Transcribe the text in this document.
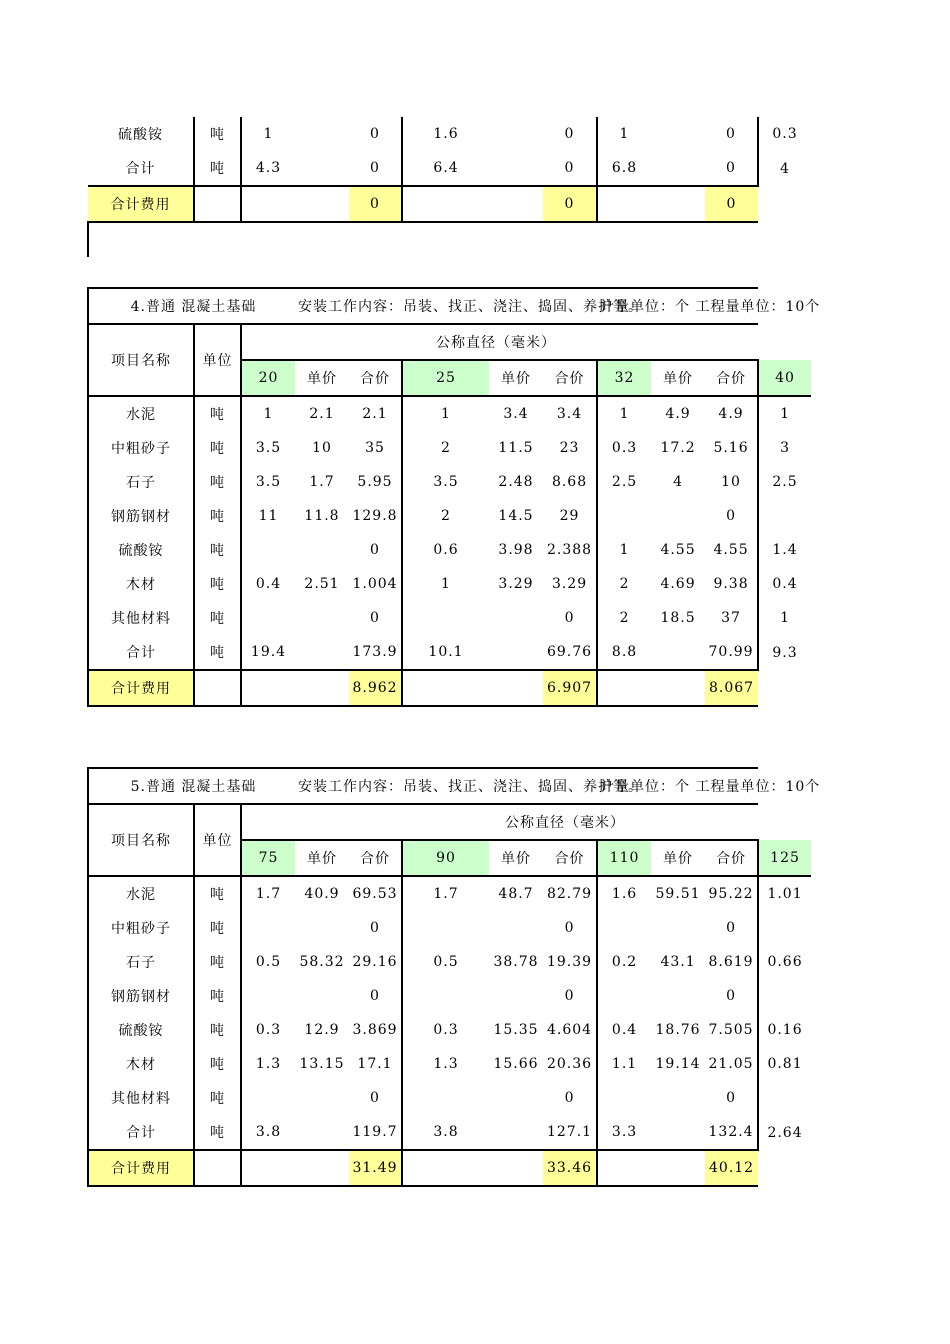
硫酸铵	吨	1		0	1.6		0	1		0	0.3
合计	吨	4.3		0	6.4		0	6.8		0	4
合计费用				0			0			0	

4.普通 混凝土基础			安装工作内容：吊装、找正、浇注、捣固、养护等。					计量单位：个 工程量单位：10个			
项目名称	单位	公称直径（毫米）									
		20	单价	合价	25	单价	合价	32	单价	合价	40
水泥	吨	1	2.1	2.1	1	3.4	3.4	1	4.9	4.9	1
中粗砂子	吨	3.5	10	35	2	11.5	23	0.3	17.2	5.16	3
石子	吨	3.5	1.7	5.95	3.5	2.48	8.68	2.5	4	10	2.5
钢筋钢材	吨	11	11.8	129.8	2	14.5	29			0	
硫酸铵	吨			0	0.6	3.98	2.388	1	4.55	4.55	1.4
木材	吨	0.4	2.51	1.004	1	3.29	3.29	2	4.69	9.38	0.4
其他材料	吨			0			0	2	18.5	37	1
合计	吨	19.4		173.9	10.1		69.76	8.8		70.99	9.3
合计费用				8.962			6.907			8.067	
5.普通 混凝土基础			安装工作内容：吊装、找正、浇注、捣固、养护等。					计量单位：个 工程量单位：10个			
项目名称	单位	公称直径（毫米）									
		75	单价	合价	90	单价	合价	110	单价	合价	125
水泥	吨	1.7	40.9	69.53	1.7	48.7	82.79	1.6	59.51	95.22	1.01
中粗砂子	吨			0			0			0	
石子	吨	0.5	58.32	29.16	0.5	38.78	19.39	0.2	43.1	8.619	0.66
钢筋钢材	吨			0			0			0	
硫酸铵	吨	0.3	12.9	3.869	0.3	15.35	4.604	0.4	18.76	7.505	0.16
木材	吨	1.3	13.15	17.1	1.3	15.66	20.36	1.1	19.14	21.05	0.81
其他材料	吨			0			0			0	
合计	吨	3.8		119.7	3.8		127.1	3.3		132.4	2.64
合计费用				31.49			33.46			40.12	
